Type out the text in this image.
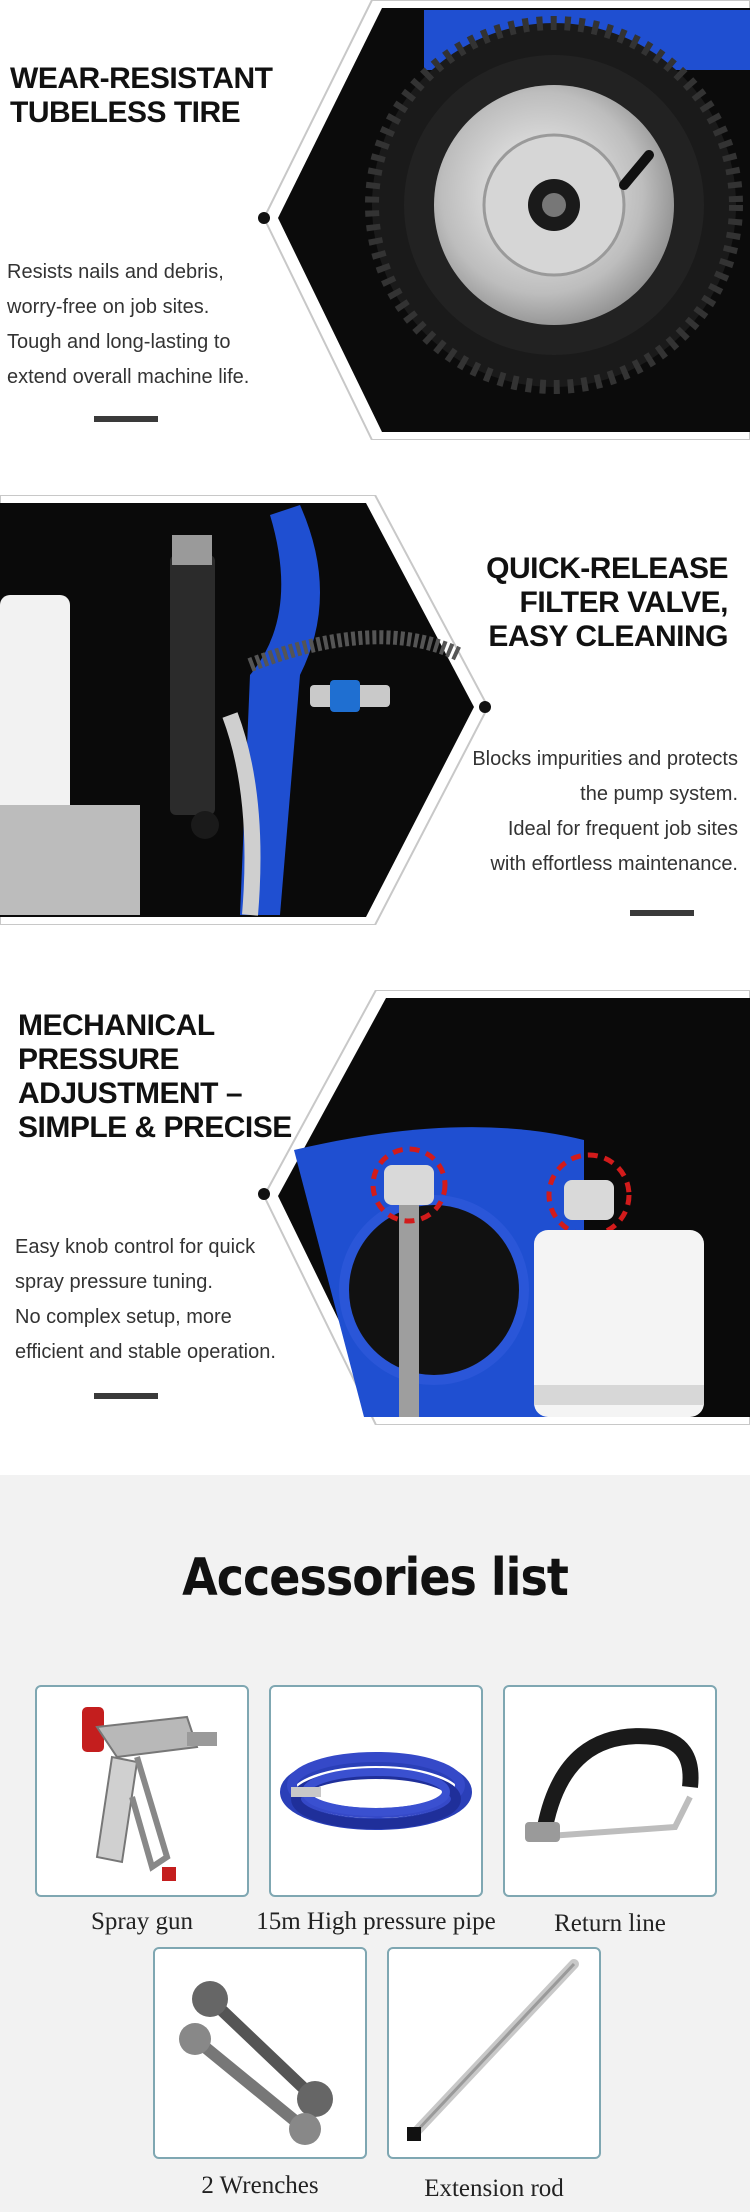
WEAR-RESISTANT
TUBELESS TIRE
Resists nails and debris,
worry-free on job sites.
Tough and long-lasting to
extend overall machine life.
QUICK-RELEASE
FILTER VALVE,
EASY CLEANING
Blocks impurities and protects
the pump system.
Ideal for frequent job sites
with effortless maintenance.
MECHANICAL
PRESSURE
ADJUSTMENT –
SIMPLE & PRECISE
Easy knob control for quick
spray pressure tuning.
No complex setup, more
efficient and stable operation.
Accessories list
Spray gun	15m High pressure pipe	Return line
2 Wrenches	Extension rod
